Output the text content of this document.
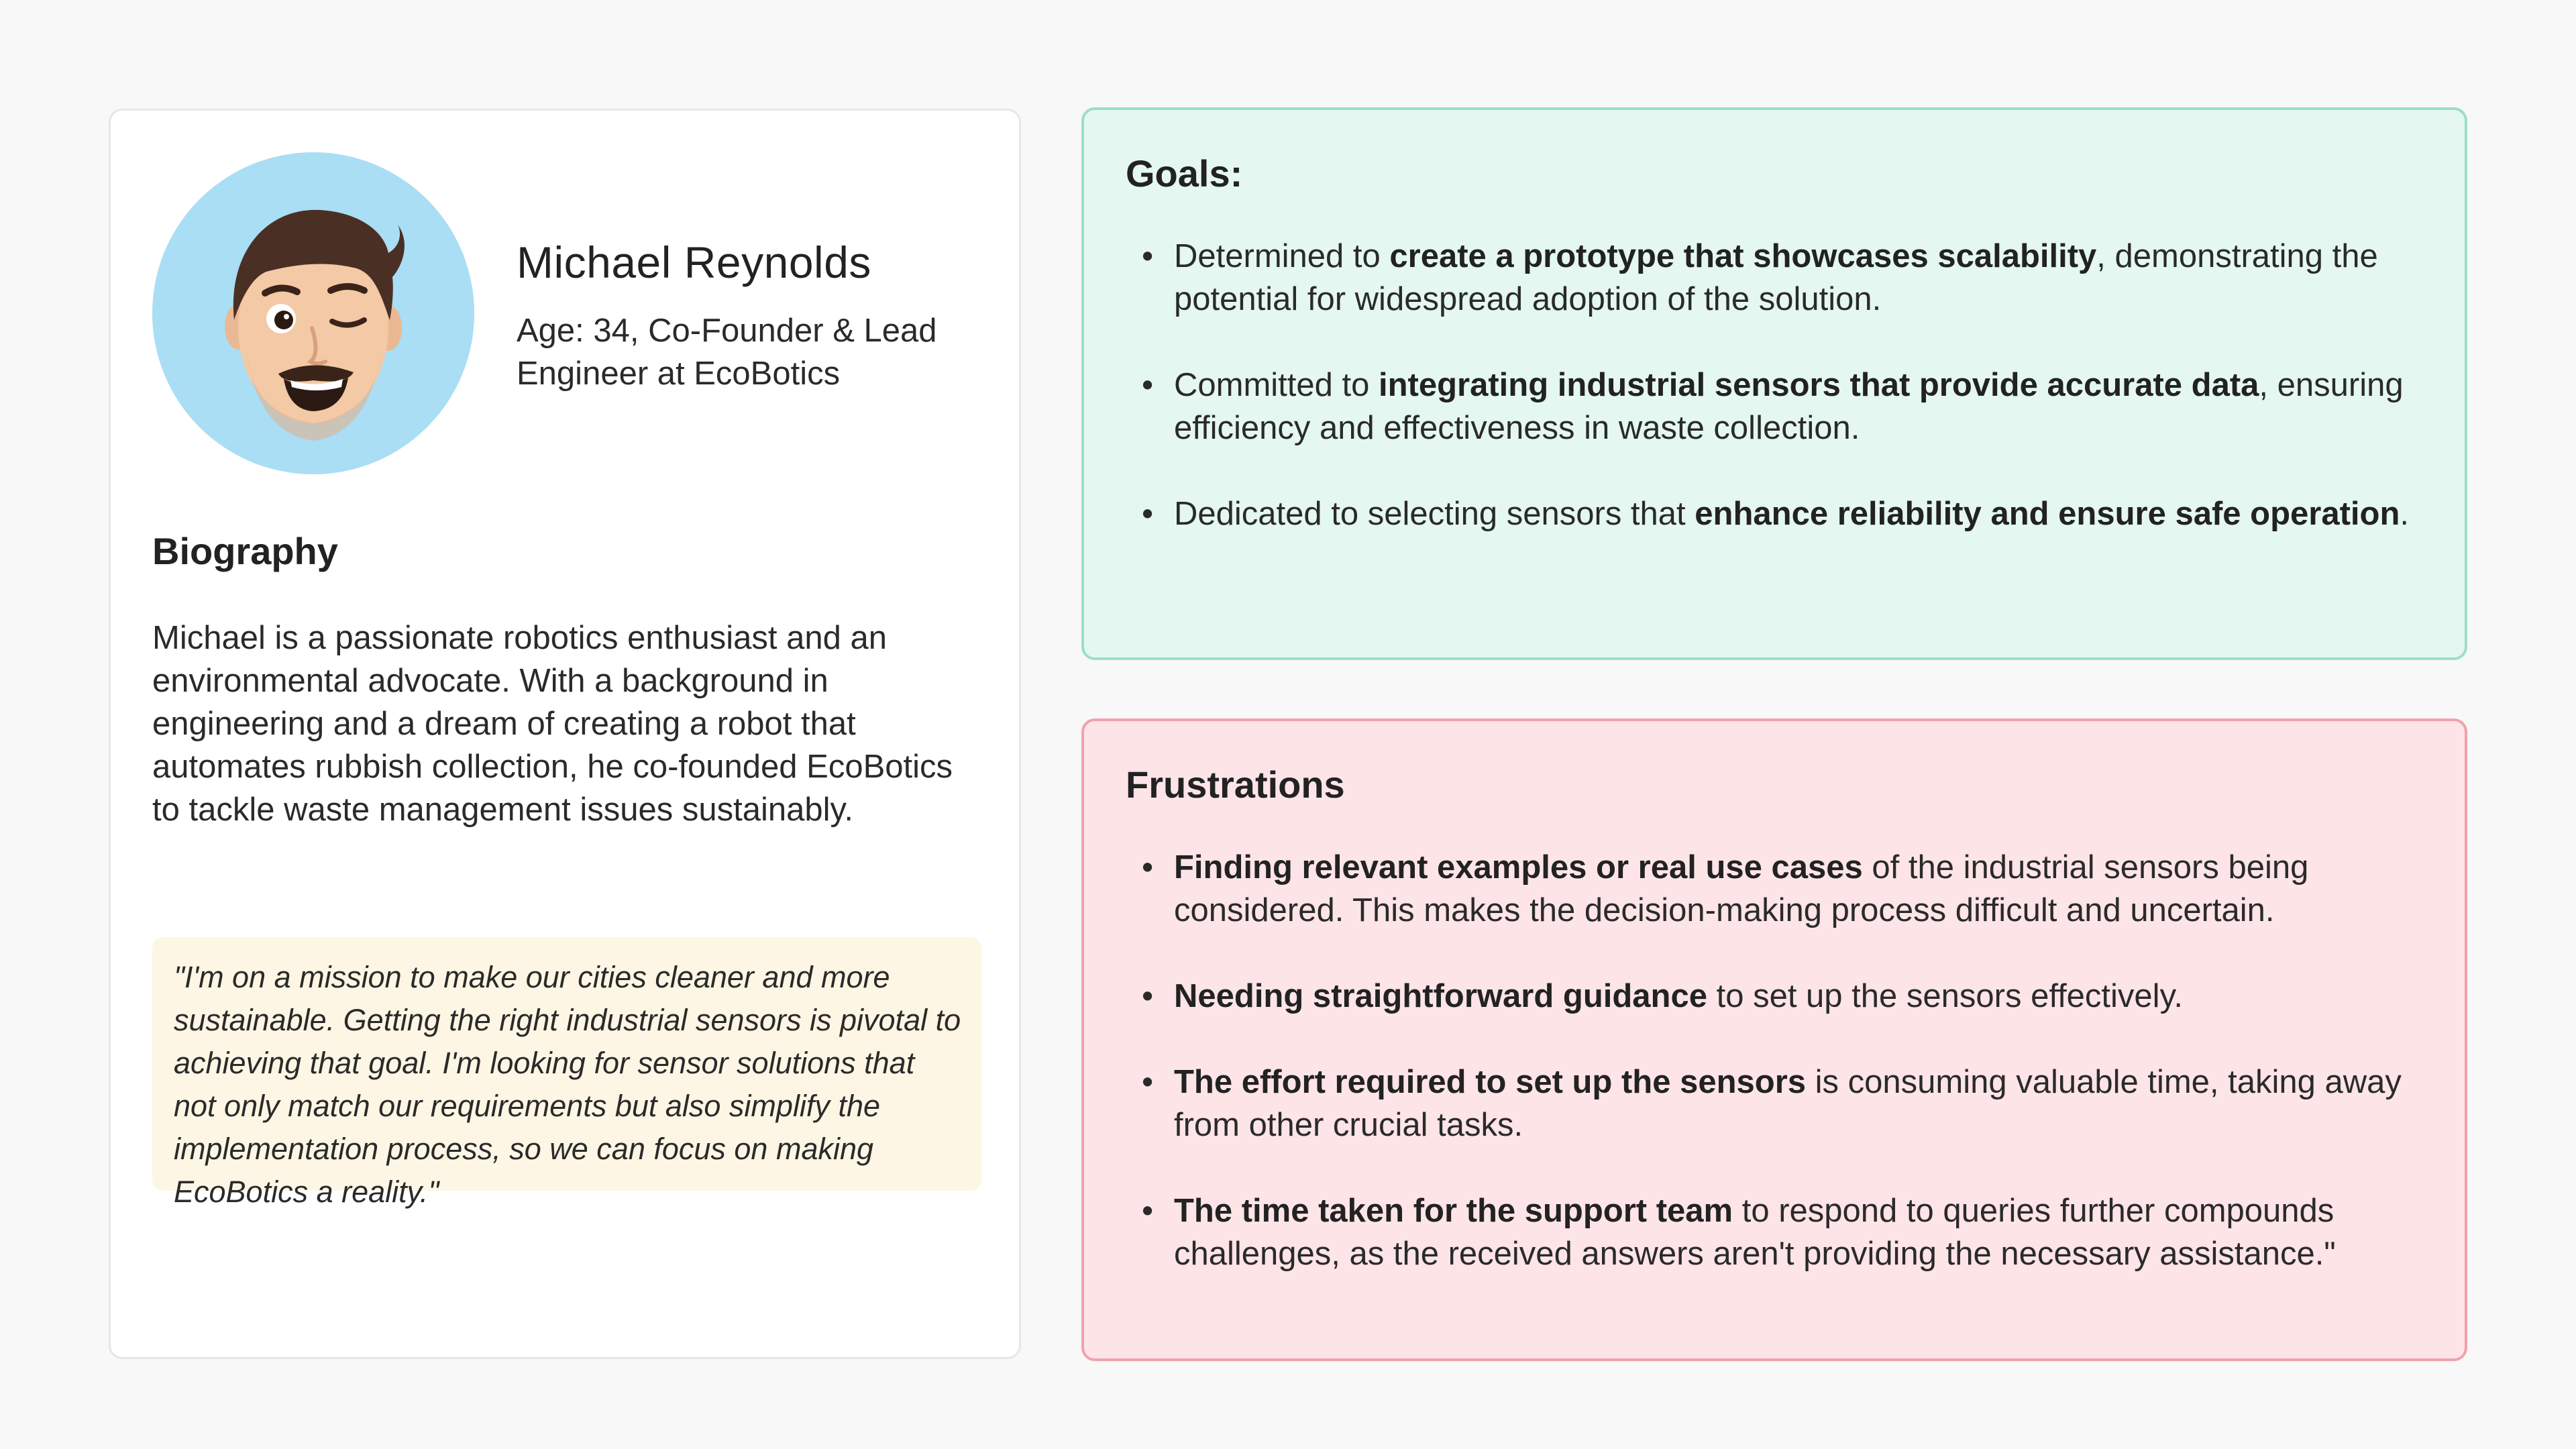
Michael Reynolds
Age: 34, Co-Founder & Lead Engineer at EcoBotics
Biography
Michael is a passionate robotics enthusiast and an environmental advocate. With a background in engineering and a dream of creating a robot that automates rubbish collection, he co-founded EcoBotics to tackle waste management issues sustainably.
"I'm on a mission to make our cities cleaner and more sustainable. Getting the right industrial sensors is pivotal to achieving that goal. I'm looking for sensor solutions that not only match our requirements but also simplify the implementation process, so we can focus on making EcoBotics a reality."
Goals:
• Determined to create a prototype that showcases scalability, demonstrating the potential for widespread adoption of the solution.
• Committed to integrating industrial sensors that provide accurate data, ensuring efficiency and effectiveness in waste collection.
• Dedicated to selecting sensors that enhance reliability and ensure safe operation.
Frustrations
• Finding relevant examples or real use cases of the industrial sensors being considered. This makes the decision-making process difficult and uncertain.
• Needing straightforward guidance to set up the sensors effectively.
• The effort required to set up the sensors is consuming valuable time, taking away from other crucial tasks.
• The time taken for the support team to respond to queries further compounds challenges, as the received answers aren't providing the necessary assistance."
